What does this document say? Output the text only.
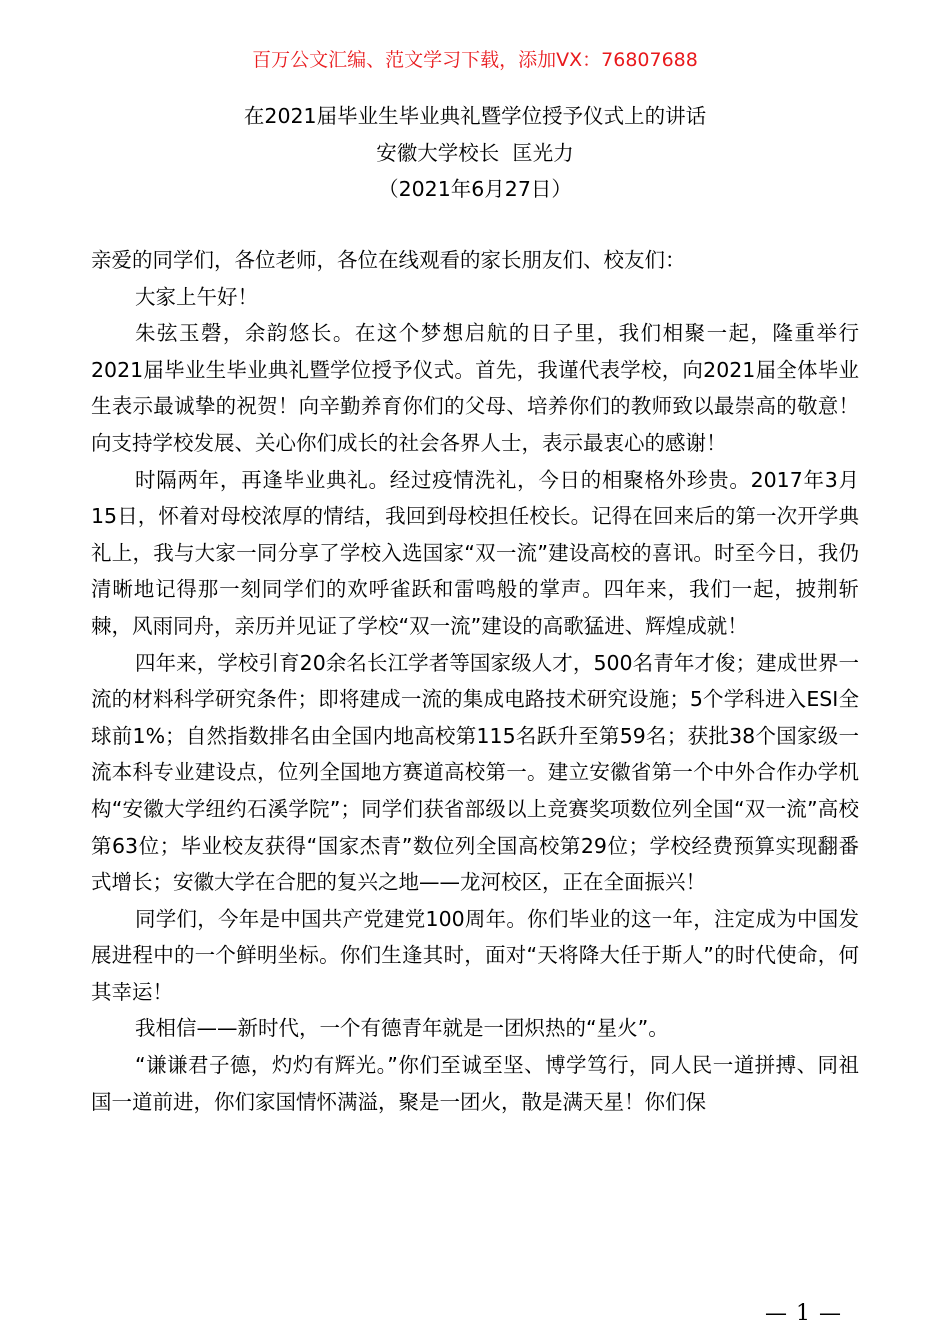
百万公文汇编、范文学习下载，添加VX：76807688
在2021届毕业生毕业典礼暨学位授予仪式上的讲话
安徽大学校长  匡光力
（2021年6月27日）

亲爱的同学们，各位老师，各位在线观看的家长朋友们、校友们：

大家上午好！

朱弦玉磬，余韵悠长。在这个梦想启航的日子里，我们相聚一起，隆重举行2021届毕业生毕业典礼暨学位授予仪式。首先，我谨代表学校，向2021届全体毕业生表示最诚挚的祝贺！向辛勤养育你们的父母、培养你们的教师致以最崇高的敬意！向支持学校发展、关心你们成长的社会各界人士，表示最衷心的感谢！

时隔两年，再逢毕业典礼。经过疫情洗礼，今日的相聚格外珍贵。2017年3月15日，怀着对母校浓厚的情结，我回到母校担任校长。记得在回来后的第一次开学典礼上，我与大家一同分享了学校入选国家“双一流”建设高校的喜讯。时至今日，我仍清晰地记得那一刻同学们的欢呼雀跃和雷鸣般的掌声。四年来，我们一起，披荆斩棘，风雨同舟，亲历并见证了学校“双一流”建设的高歌猛进、辉煌成就！

四年来，学校引育20余名长江学者等国家级人才，500名青年才俊；建成世界一流的材料科学研究条件；即将建成一流的集成电路技术研究设施；5个学科进入ESI全球前1%；自然指数排名由全国内地高校第115名跃升至第59名；获批38个国家级一流本科专业建设点，位列全国地方赛道高校第一。建立安徽省第一个中外合作办学机构“安徽大学纽约石溪学院”；同学们获省部级以上竞赛奖项数位列全国“双一流”高校第63位；毕业校友获得“国家杰青”数位列全国高校第29位；学校经费预算实现翻番式增长；安徽大学在合肥的复兴之地——龙河校区，正在全面振兴！

同学们，今年是中国共产党建党100周年。你们毕业的这一年，注定成为中国发展进程中的一个鲜明坐标。你们生逢其时，面对“天将降大任于斯人”的时代使命，何其幸运！

我相信——新时代，一个有德青年就是一团炽热的“星火”。

“谦谦君子德，灼灼有辉光。”你们至诚至坚、博学笃行，同人民一道拼搏、同祖国一道前进，你们家国情怀满溢，聚是一团火，散是满天星！你们保

— 1 —
